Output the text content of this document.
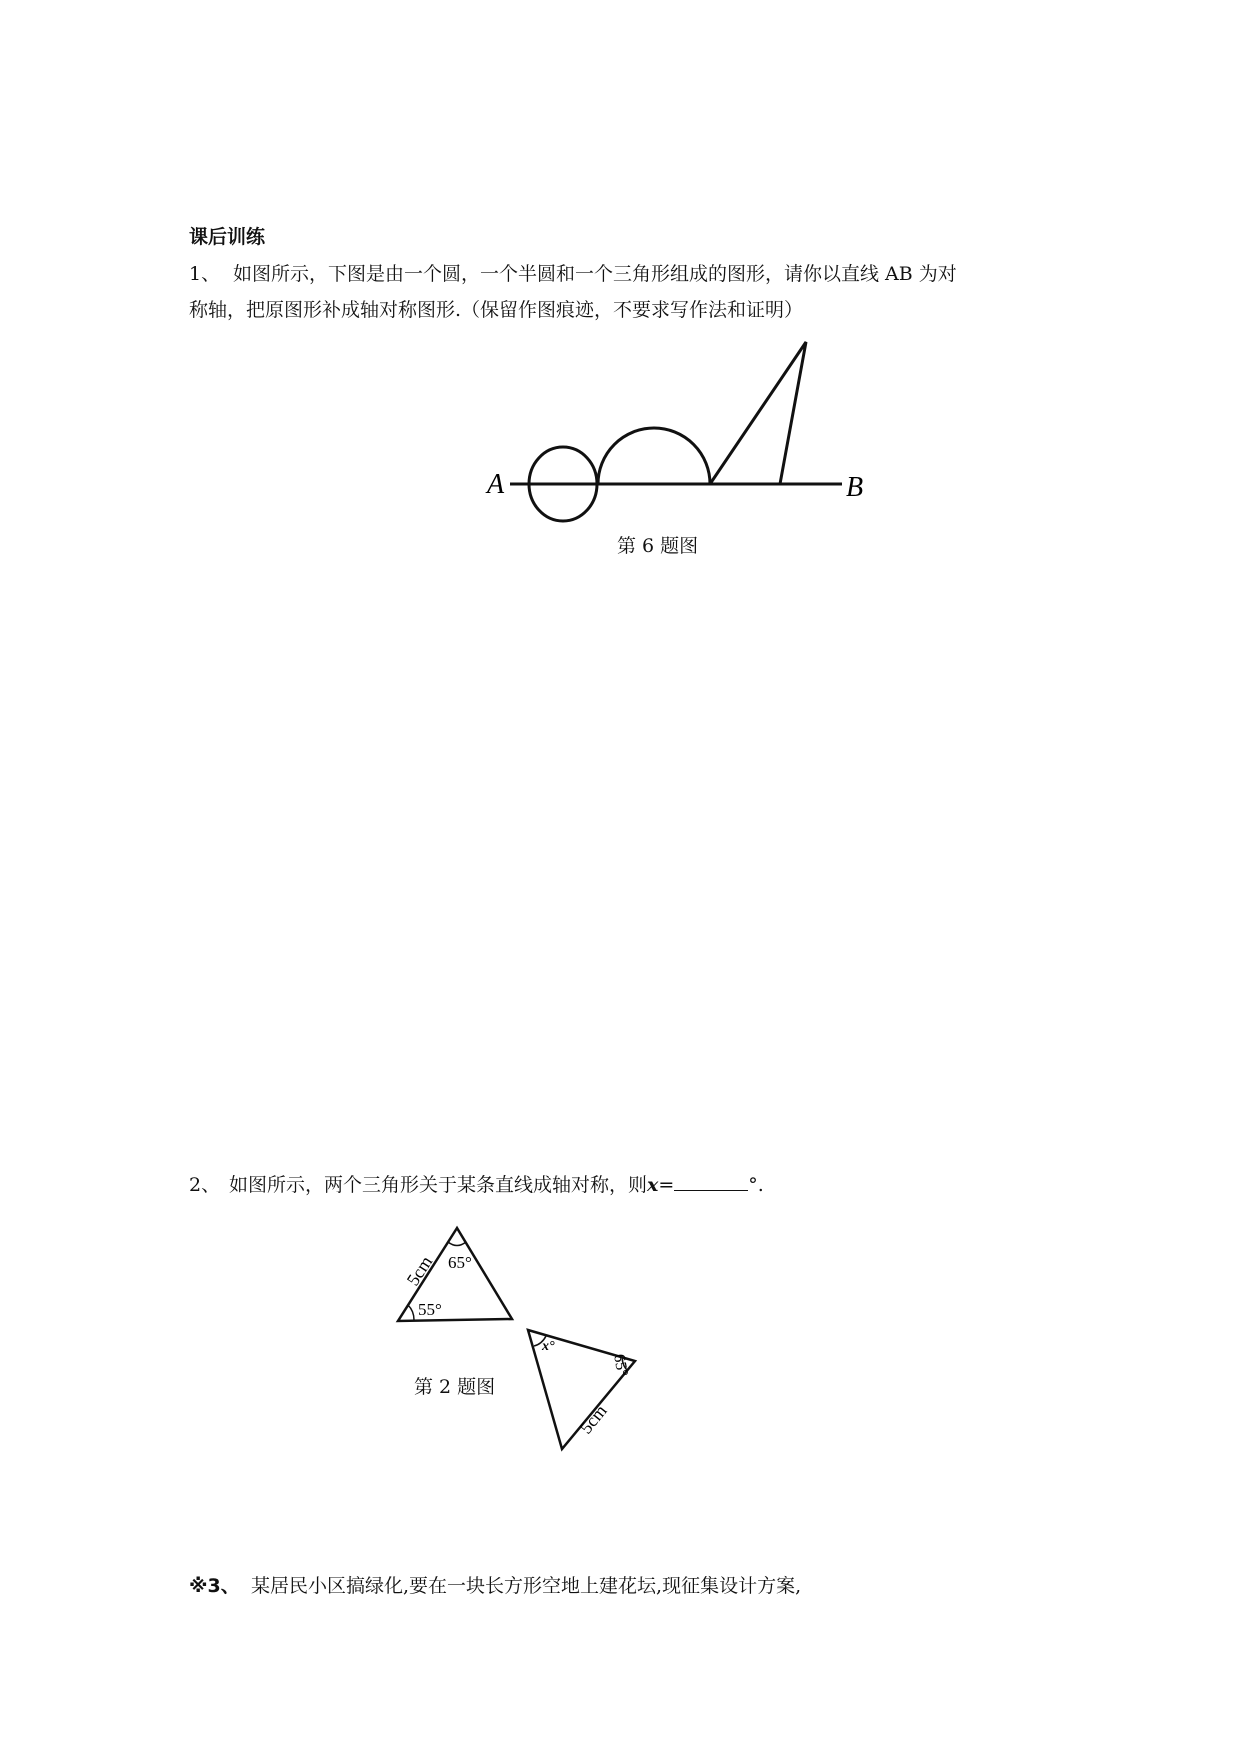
课后训练
1、 如图所示，下图是由一个圆，一个半圆和一个三角形组成的图形，请你以直线 AB 为对
称轴，把原图形补成轴对称图形.（保留作图痕迹，不要求写作法和证明）
A	B
第 6 题图
2、 如图所示，两个三角形关于某条直线成轴对称，则x=	°.
65°
55°
5cm
x°
65°
5cm
第 2 题图
※3、 某居民小区搞绿化,要在一块长方形空地上建花坛,现征集设计方案,
